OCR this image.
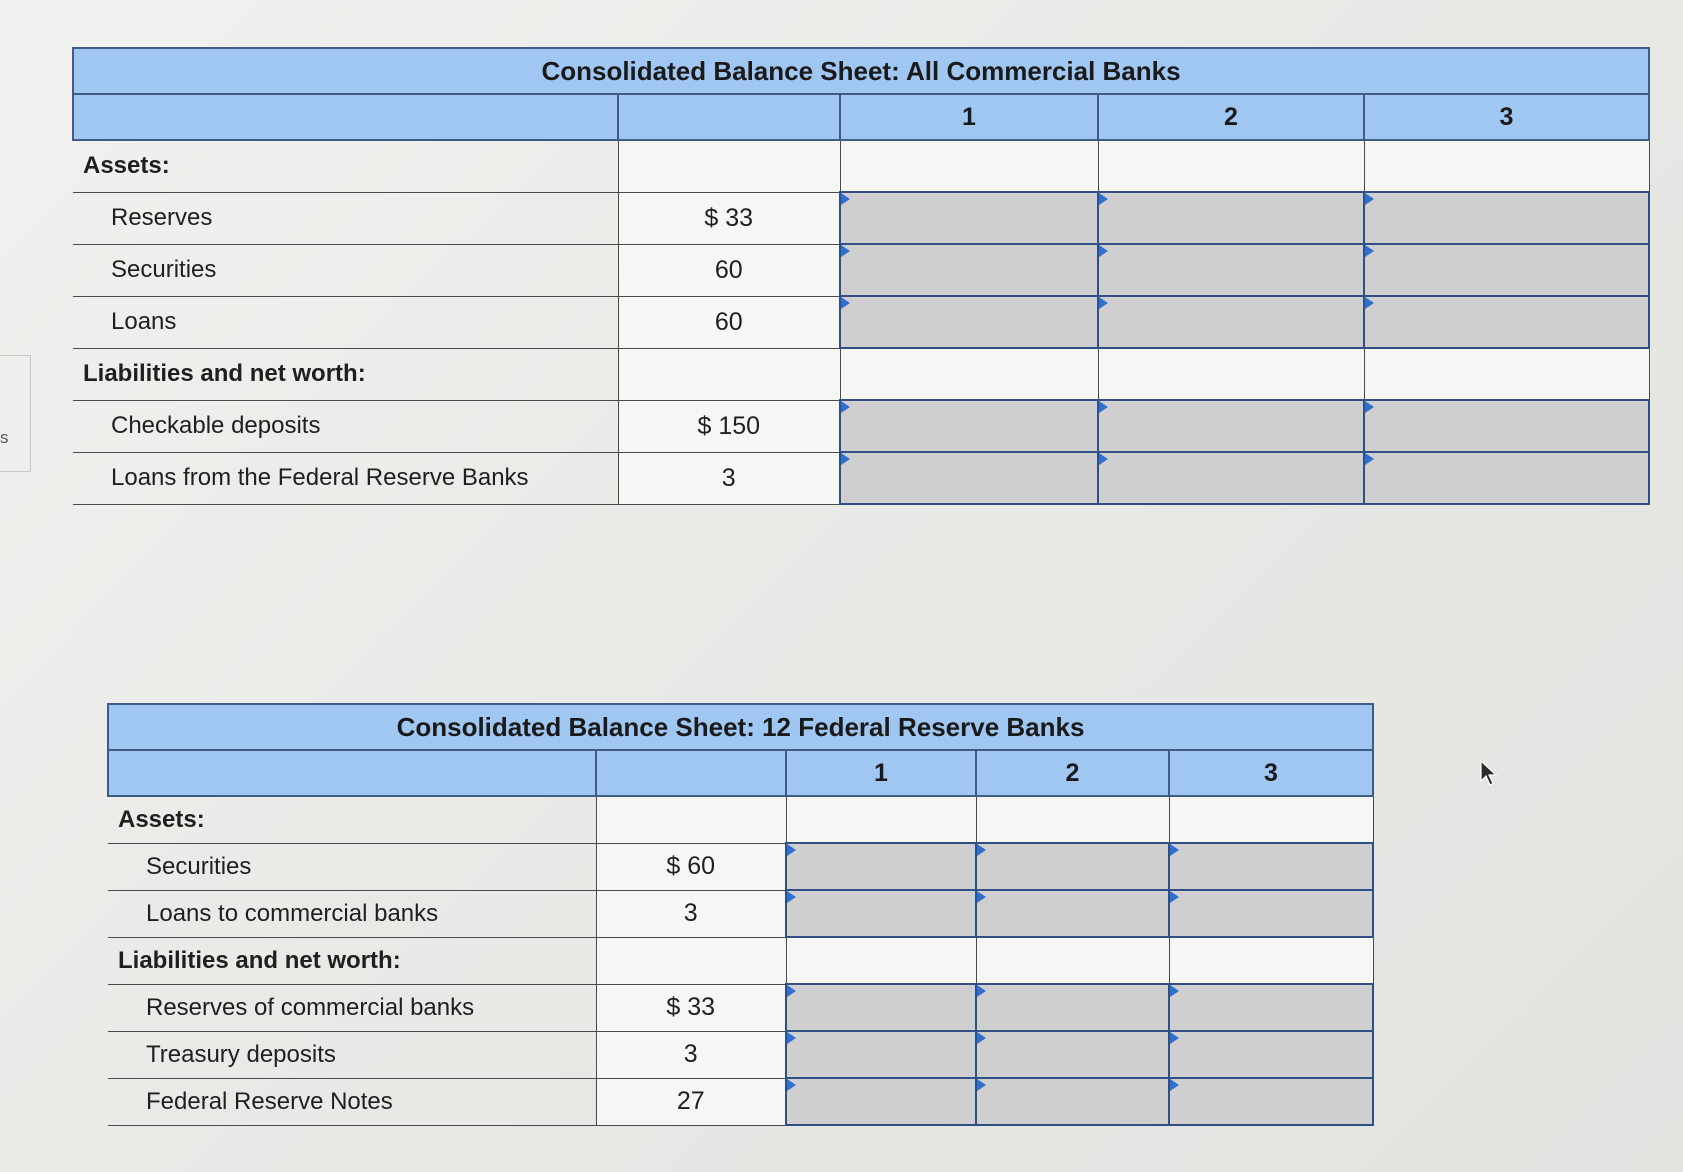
s
Consolidated Balance Sheet: All Commercial Banks				
		1	2	3
Assets:				
Reserves	$ 33			
Securities	60			
Loans	60			
Liabilities and net worth:				
Checkable deposits	$ 150			
Loans from the Federal Reserve Banks	3			
Consolidated Balance Sheet: 12 Federal Reserve Banks				
		1	2	3
Assets:				
Securities	$ 60			
Loans to commercial banks	3			
Liabilities and net worth:				
Reserves of commercial banks	$ 33			
Treasury deposits	3			
Federal Reserve Notes	27			
